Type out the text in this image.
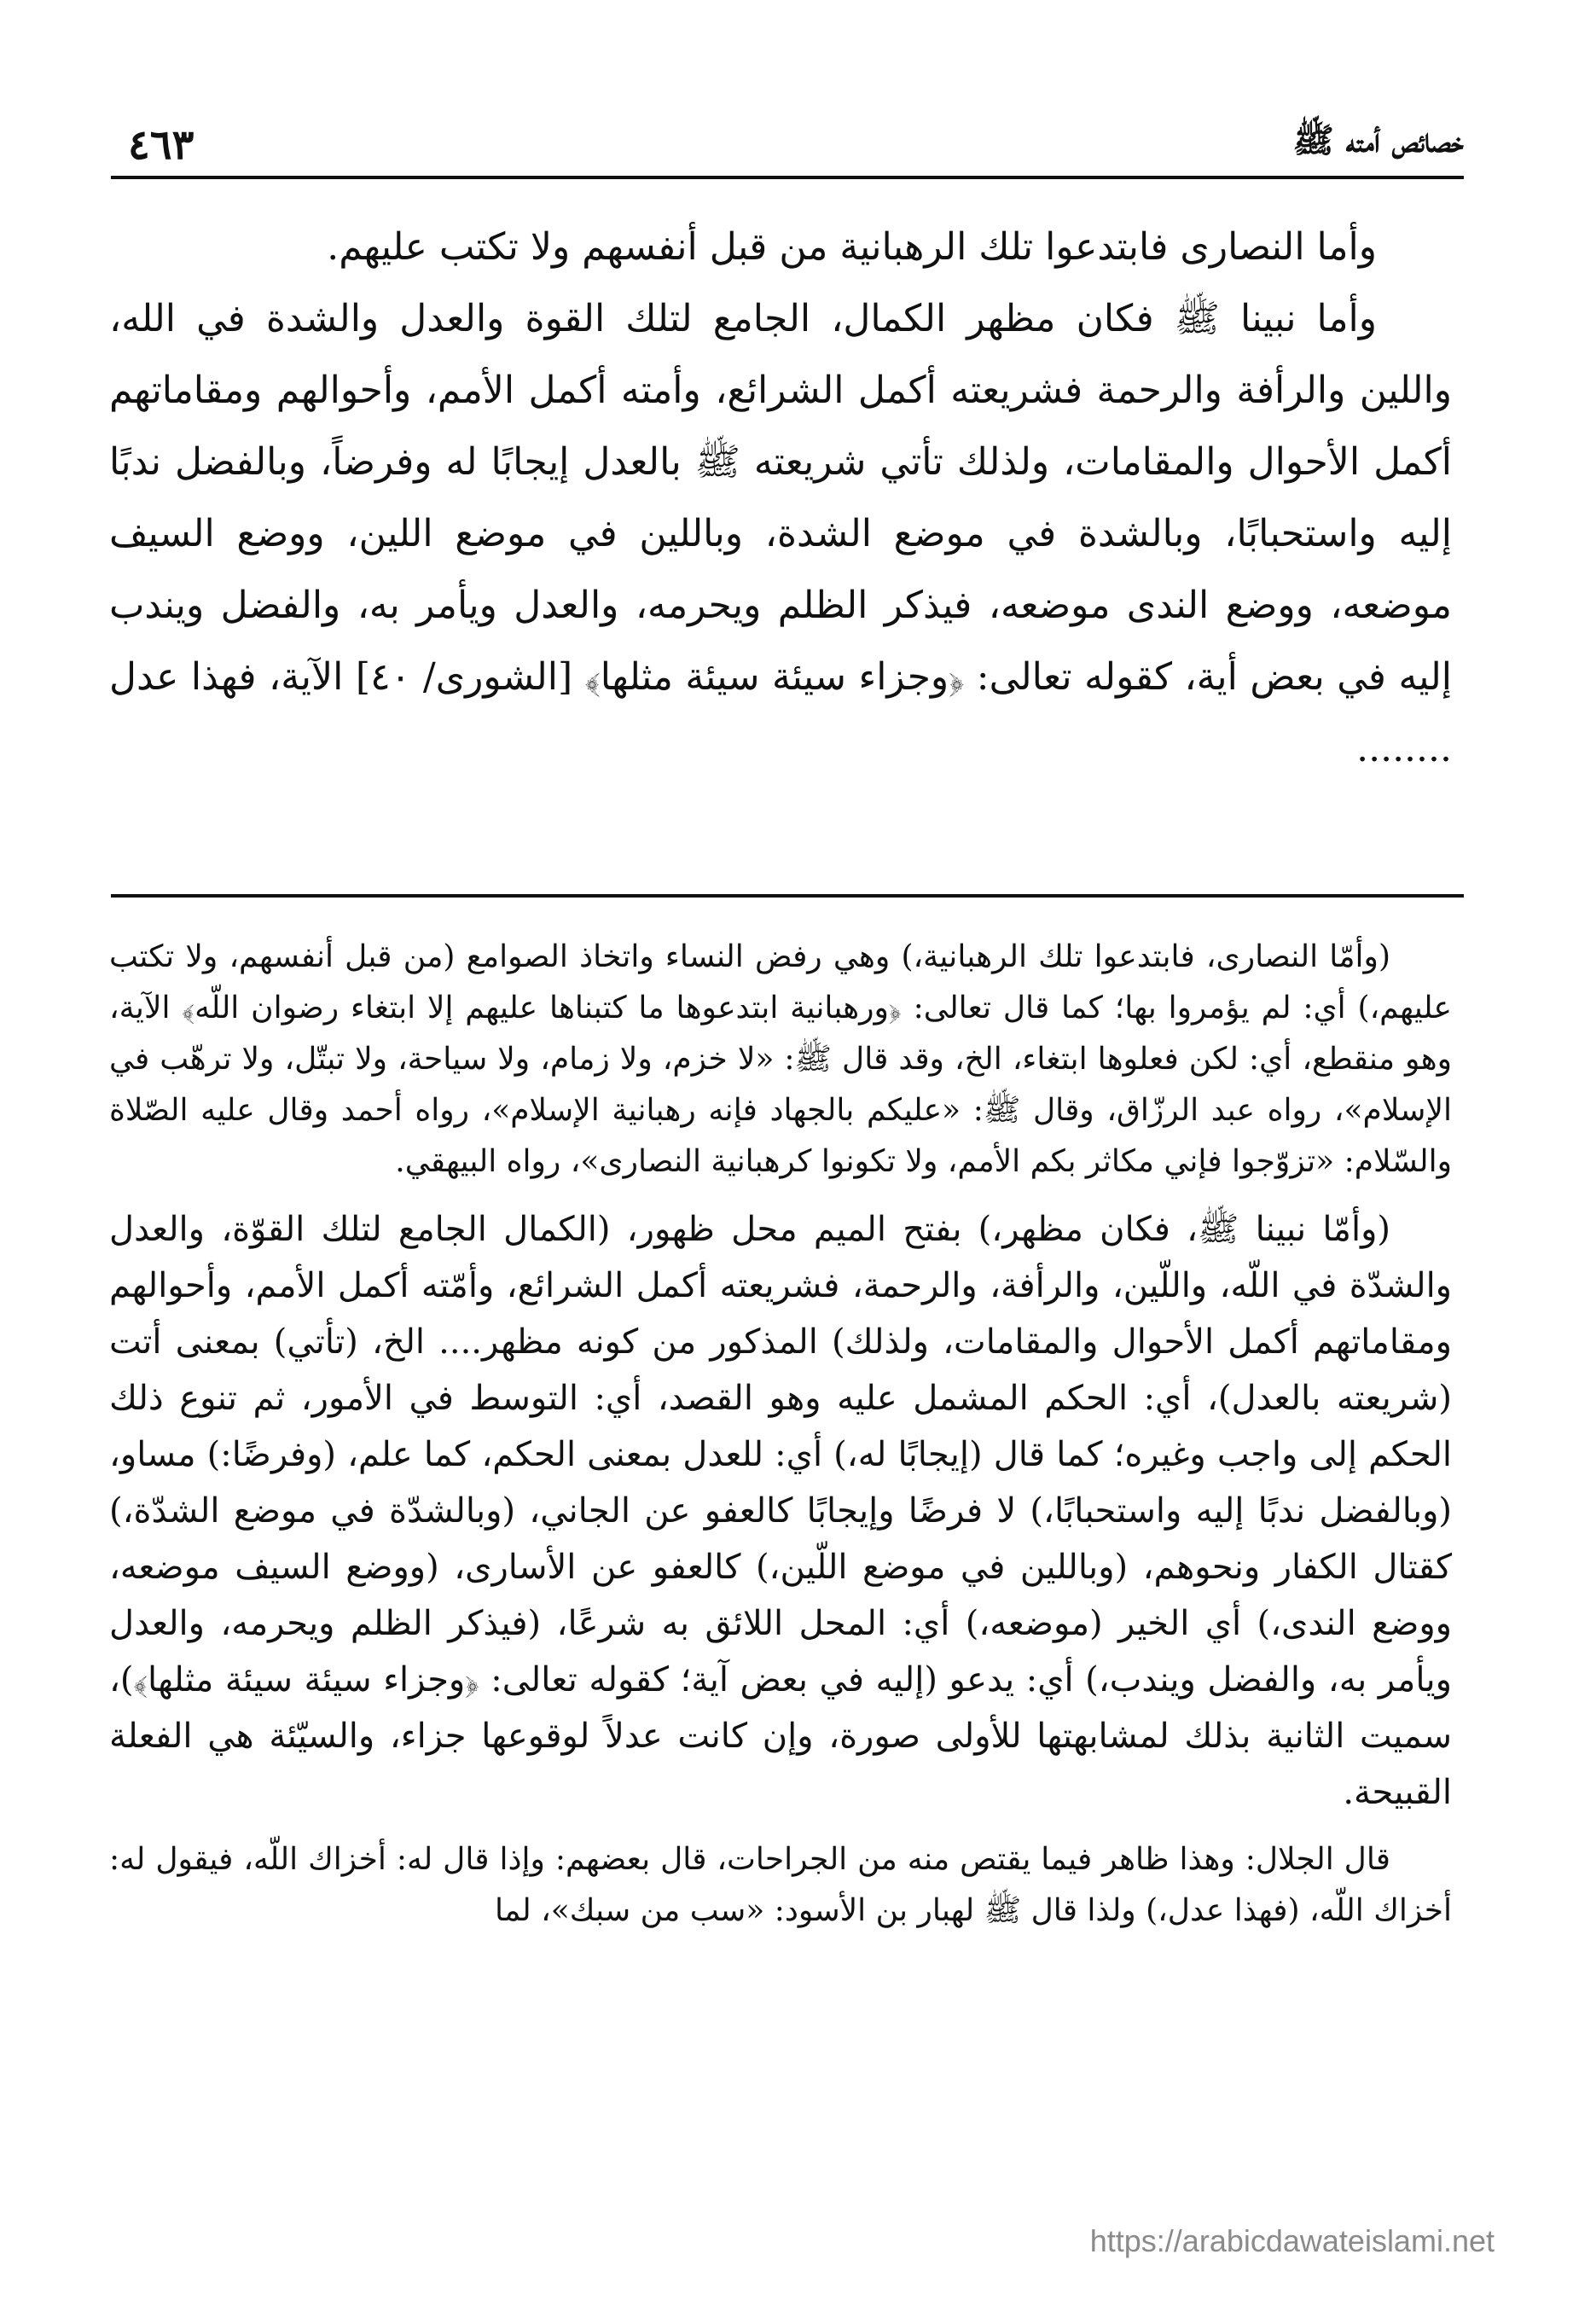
خصائص أمته ﷺ
٤٦٣

وأما النصارى فابتدعوا تلك الرهبانية من قبل أنفسهم ولا تكتب عليهم.

وأما نبينا ﷺ فكان مظهر الكمال، الجامع لتلك القوة والعدل والشدة في الله، واللين والرأفة والرحمة فشريعته أكمل الشرائع، وأمته أكمل الأمم، وأحوالهم ومقاماتهم أكمل الأحوال والمقامات، ولذلك تأتي شريعته ﷺ بالعدل إيجابًا له وفرضاً، وبالفضل ندبًا إليه واستحبابًا، وبالشدة في موضع الشدة، وباللين في موضع اللين، ووضع السيف موضعه، ووضع الندى موضعه، فيذكر الظلم ويحرمه، والعدل ويأمر به، والفضل ويندب إليه في بعض أية، كقوله تعالى: ﴿وجزاء سيئة سيئة مثلها﴾ [الشورى/ ٤٠] الآية، فهذا عدل ........

(وأمّا النصارى، فابتدعوا تلك الرهبانية،) وهي رفض النساء واتخاذ الصوامع (من قبل أنفسهم، ولا تكتب عليهم،) أي: لم يؤمروا بها؛ كما قال تعالى: ﴿ورهبانية ابتدعوها ما كتبناها عليهم إلا ابتغاء رضوان اللّه﴾ الآية، وهو منقطع، أي: لكن فعلوها ابتغاء، الخ، وقد قال ﷺ: «لا خزم، ولا زمام، ولا سياحة، ولا تبتّل، ولا ترهّب في الإسلام»، رواه عبد الرزّاق، وقال ﷺ: «عليكم بالجهاد فإنه رهبانية الإسلام»، رواه أحمد وقال عليه الصّلاة والسّلام: «تزوّجوا فإني مكاثر بكم الأمم، ولا تكونوا كرهبانية النصارى»، رواه البيهقي.

(وأمّا نبينا ﷺ، فكان مظهر،) بفتح الميم محل ظهور، (الكمال الجامع لتلك القوّة، والعدل والشدّة في اللّه، واللّين، والرأفة، والرحمة، فشريعته أكمل الشرائع، وأمّته أكمل الأمم، وأحوالهم ومقاماتهم أكمل الأحوال والمقامات، ولذلك) المذكور من كونه مظهر.... الخ، (تأتي) بمعنى أتت (شريعته بالعدل)، أي: الحكم المشمل عليه وهو القصد، أي: التوسط في الأمور، ثم تنوع ذلك الحكم إلى واجب وغيره؛ كما قال (إيجابًا له،) أي: للعدل بمعنى الحكم، كما علم، (وفرضًا:) مساو، (وبالفضل ندبًا إليه واستحبابًا،) لا فرضًا وإيجابًا كالعفو عن الجاني، (وبالشدّة في موضع الشدّة،) كقتال الكفار ونحوهم، (وباللين في موضع اللّين،) كالعفو عن الأسارى، (ووضع السيف موضعه، ووضع الندى،) أي الخير (موضعه،) أي: المحل اللائق به شرعًا، (فيذكر الظلم ويحرمه، والعدل ويأمر به، والفضل ويندب،) أي: يدعو (إليه في بعض آية؛ كقوله تعالى: ﴿وجزاء سيئة سيئة مثلها﴾)، سميت الثانية بذلك لمشابهتها للأولى صورة، وإن كانت عدلاً لوقوعها جزاء، والسيّئة هي الفعلة القبيحة.

قال الجلال: وهذا ظاهر فيما يقتص منه من الجراحات، قال بعضهم: وإذا قال له: أخزاك اللّه، فيقول له: أخزاك اللّه، (فهذا عدل،) ولذا قال ﷺ لهبار بن الأسود: «سب من سبك»، لما

https://arabicdawateislami.net
